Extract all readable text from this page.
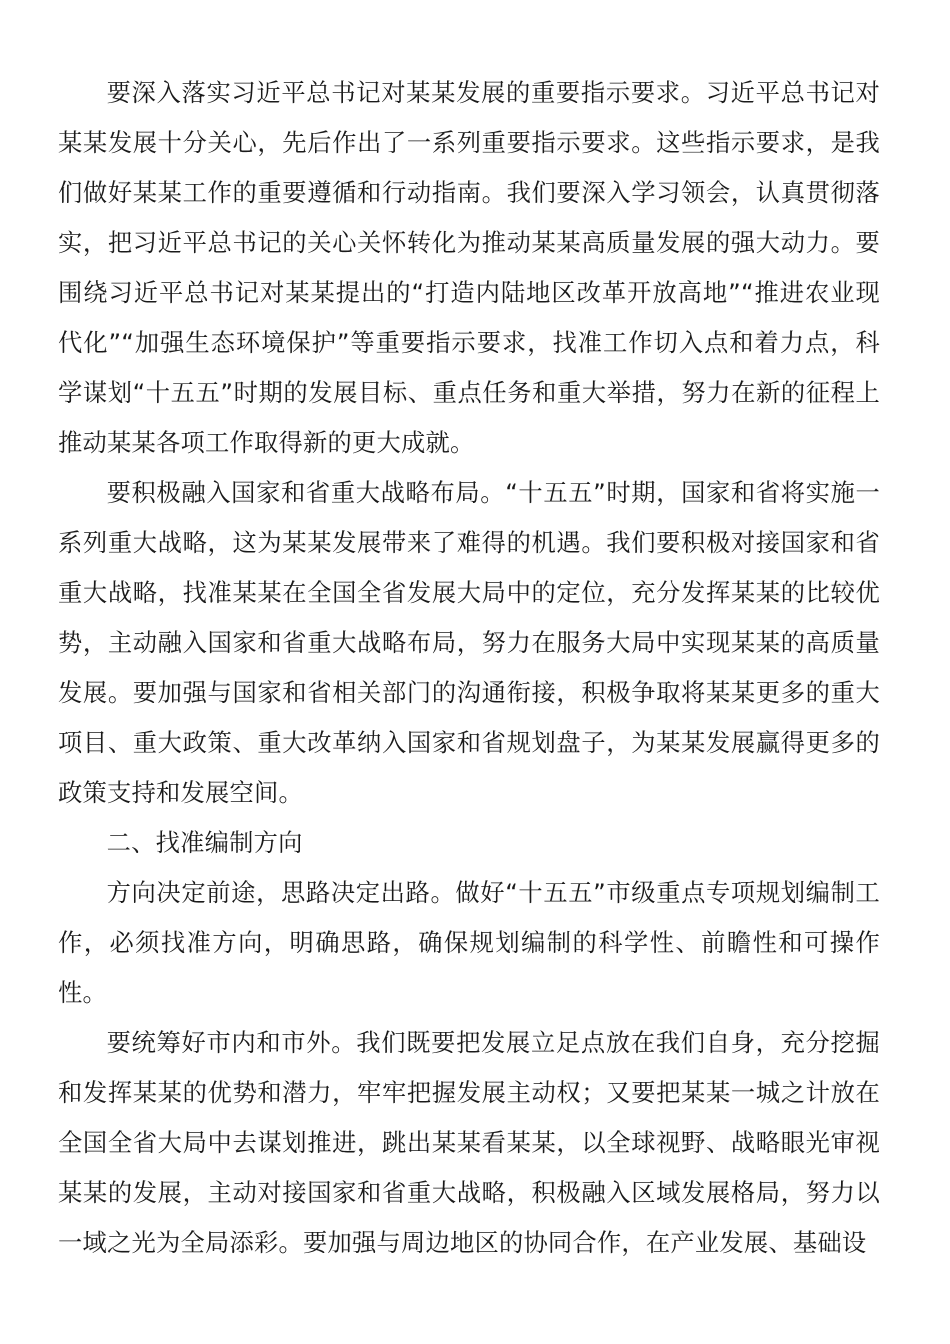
要深入落实习近平总书记对某某发展的重要指示要求。习近平总书记对某某发展十分关心，先后作出了一系列重要指示要求。这些指示要求，是我们做好某某工作的重要遵循和行动指南。我们要深入学习领会，认真贯彻落实，把习近平总书记的关心关怀转化为推动某某高质量发展的强大动力。要围绕习近平总书记对某某提出的“打造内陆地区改革开放高地”“推进农业现代化”“加强生态环境保护”等重要指示要求，找准工作切入点和着力点，科学谋划“十五五”时期的发展目标、重点任务和重大举措，努力在新的征程上推动某某各项工作取得新的更大成就。

要积极融入国家和省重大战略布局。“十五五”时期，国家和省将实施一系列重大战略，这为某某发展带来了难得的机遇。我们要积极对接国家和省重大战略，找准某某在全国全省发展大局中的定位，充分发挥某某的比较优势，主动融入国家和省重大战略布局，努力在服务大局中实现某某的高质量发展。要加强与国家和省相关部门的沟通衔接，积极争取将某某更多的重大项目、重大政策、重大改革纳入国家和省规划盘子，为某某发展赢得更多的政策支持和发展空间。

二、找准编制方向

方向决定前途，思路决定出路。做好“十五五”市级重点专项规划编制工作，必须找准方向，明确思路，确保规划编制的科学性、前瞻性和可操作性。

要统筹好市内和市外。我们既要把发展立足点放在我们自身，充分挖掘和发挥某某的优势和潜力，牢牢把握发展主动权；又要把某某一城之计放在全国全省大局中去谋划推进，跳出某某看某某，以全球视野、战略眼光审视某某的发展，主动对接国家和省重大战略，积极融入区域发展格局，努力以一域之光为全局添彩。要加强与周边地区的协同合作，在产业发展、基础设
